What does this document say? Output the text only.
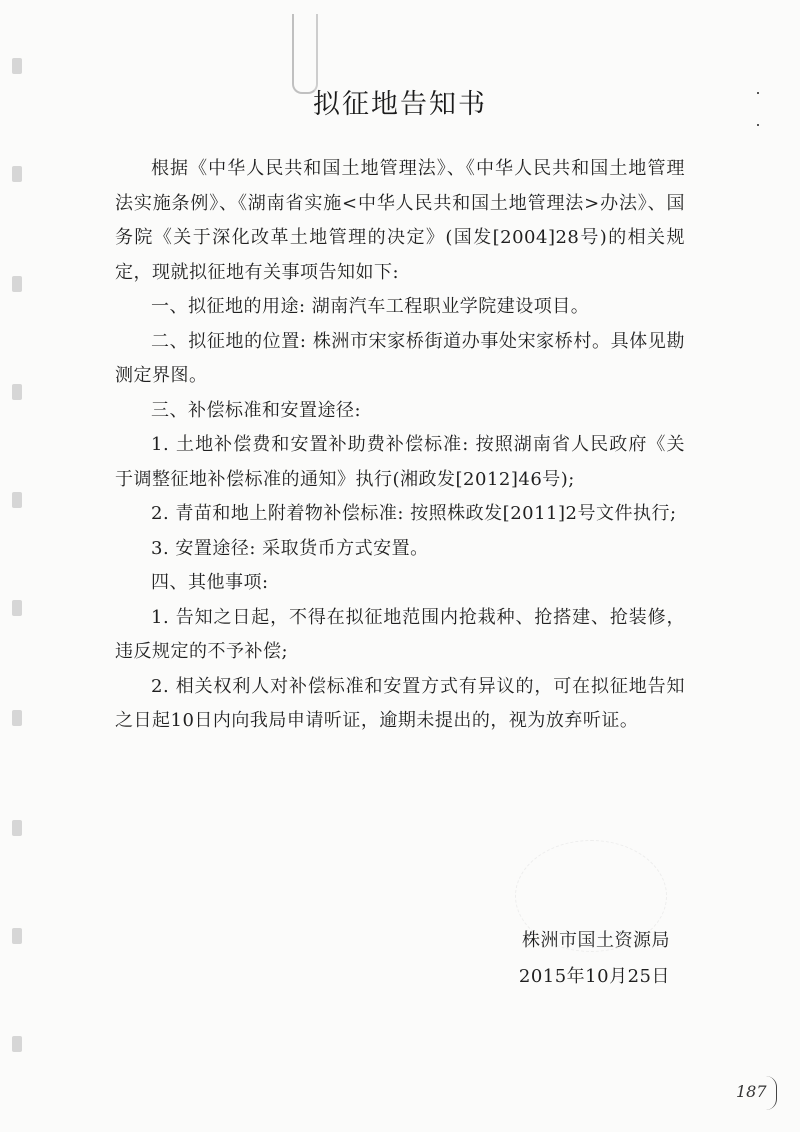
拟征地告知书

根据《中华人民共和国土地管理法》、《中华人民共和国土地管理法实施条例》、《湖南省实施<中华人民共和国土地管理法>办法》、国务院《关于深化改革土地管理的决定》(国发[2004]28号)的相关规定，现就拟征地有关事项告知如下:

一、拟征地的用途: 湖南汽车工程职业学院建设项目。

二、拟征地的位置: 株洲市宋家桥街道办事处宋家桥村。具体见勘测定界图。

三、补偿标准和安置途径:

1. 土地补偿费和安置补助费补偿标准: 按照湖南省人民政府《关于调整征地补偿标准的通知》执行(湘政发[2012]46号);

2. 青苗和地上附着物补偿标准: 按照株政发[2011]2号文件执行;

3. 安置途径: 采取货币方式安置。

四、其他事项:

1. 告知之日起，不得在拟征地范围内抢栽种、抢搭建、抢装修，违反规定的不予补偿;

2. 相关权利人对补偿标准和安置方式有异议的，可在拟征地告知之日起10日内向我局申请听证，逾期未提出的，视为放弃听证。

株洲市国土资源局
2015年10月25日
187
